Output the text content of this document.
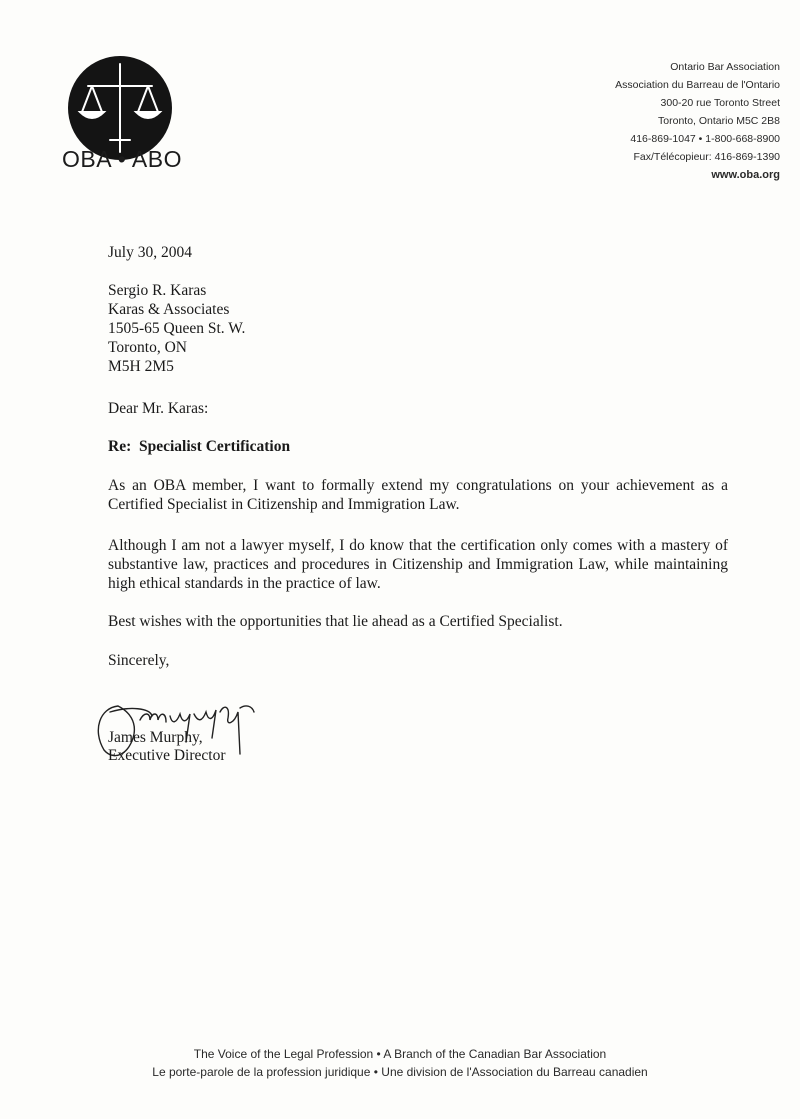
OBA • ABO
Ontario Bar Association
Association du Barreau de l'Ontario
300-20 rue Toronto Street
Toronto, Ontario M5C 2B8
416-869-1047 • 1-800-668-8900
Fax/Télécopieur: 416-869-1390
www.oba.org
July 30, 2004
Sergio R. Karas
Karas & Associates
1505-65 Queen St. W.
Toronto, ON
M5H 2M5
Dear Mr. Karas:
Re:  Specialist Certification
As an OBA member, I want to formally extend my congratulations on your achievement as a Certified Specialist in Citizenship and Immigration Law.
Although I am not a lawyer myself, I do know that the certification only comes with a mastery of substantive law, practices and procedures in Citizenship and Immigration Law, while maintaining high ethical standards in the practice of law.
Best wishes with the opportunities that lie ahead as a Certified Specialist.
Sincerely,
James Murphy,
Executive Director
The Voice of the Legal Profession • A Branch of the Canadian Bar Association
Le porte-parole de la profession juridique • Une division de l'Association du Barreau canadien
